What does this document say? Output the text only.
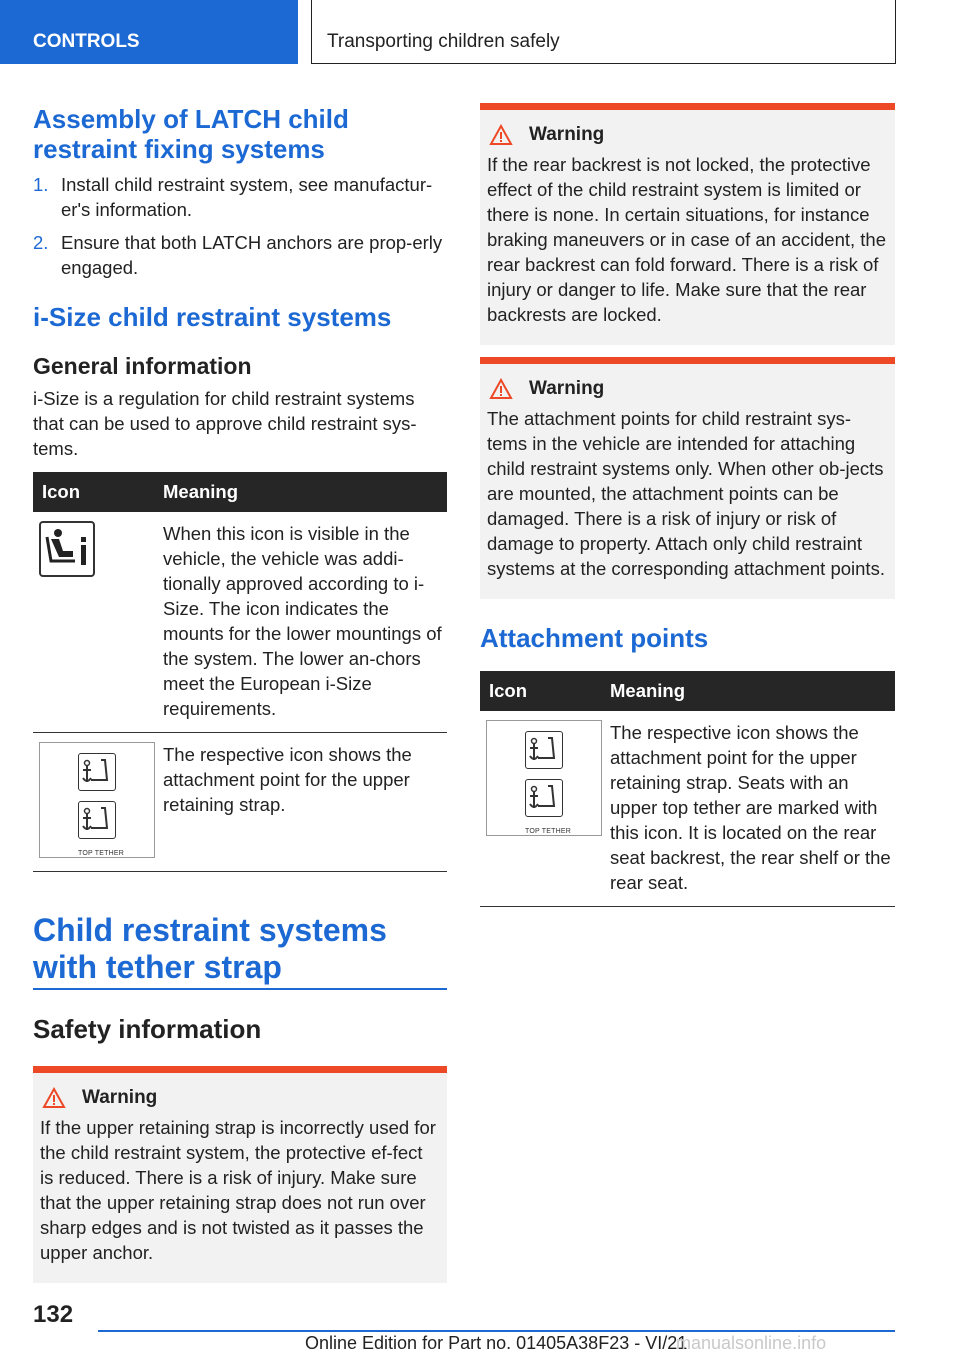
CONTROLS	Transporting children safely
Assembly of LATCH child restraint fixing systems
1. Install child restraint system, see manufactur‐er's information.
2. Ensure that both LATCH anchors are prop‐erly engaged.
i-Size child restraint systems
General information

i-Size is a regulation for child restraint systems that can be used to approve child restraint sys‐tems.

Icon	Meaning

	When this icon is visible in the vehicle, the vehicle was addi‐tionally approved according to i-Size. The icon indicates the mounts for the lower mountings of the system. The lower an‐chors meet the European i-Size requirements.

TOP TETHER	The respective icon shows the attachment point for the upper retaining strap.
Child restraint systems with tether strap
Safety information
Warning

If the upper retaining strap is incorrectly used for the child restraint system, the protective ef‐fect is reduced. There is a risk of injury. Make sure that the upper retaining strap does not run over sharp edges and is not twisted as it passes the upper anchor.

Warning

If the rear backrest is not locked, the protective effect of the child restraint system is limited or there is none. In certain situations, for instance braking maneuvers or in case of an accident, the rear backrest can fold forward. There is a risk of injury or danger to life. Make sure that the rear backrests are locked.

Warning

The attachment points for child restraint sys‐tems in the vehicle are intended for attaching child restraint systems only. When other ob‐jects are mounted, the attachment points can be damaged. There is a risk of injury or risk of damage to property. Attach only child restraint systems at the corresponding attachment points.

Attachment points
Icon	Meaning

TOP TETHER	The respective icon shows the attachment point for the upper retaining strap. Seats with an upper top tether are marked with this icon. It is located on the rear seat backrest, the rear shelf or the rear seat.
132
Online Edition for Part no. 01405A38F23 - VI/21
manualsonline.info
